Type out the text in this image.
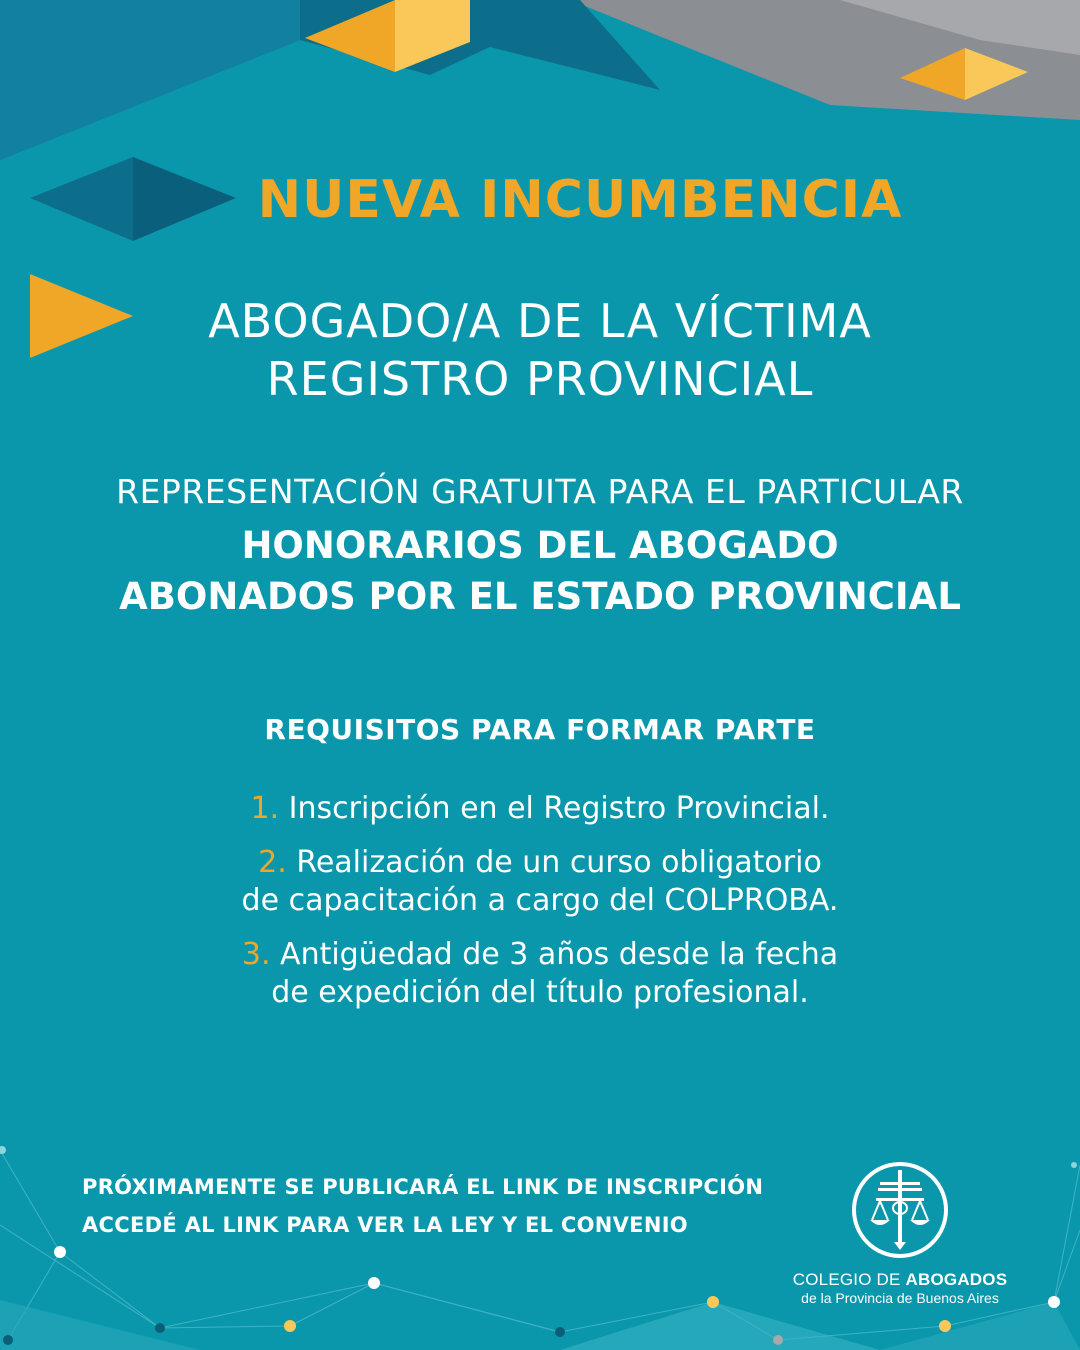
NUEVA INCUMBENCIA
ABOGADO/A DE LA VÍCTIMA
REGISTRO PROVINCIAL
REPRESENTACIÓN GRATUITA PARA EL PARTICULAR
HONORARIOS DEL ABOGADO
ABONADOS POR EL ESTADO PROVINCIAL
REQUISITOS PARA FORMAR PARTE
1. Inscripción en el Registro Provincial.
2. Realización de un curso obligatorio
de capacitación a cargo del COLPROBA.
3. Antigüedad de 3 años desde la fecha
de expedición del título profesional.
PRÓXIMAMENTE SE PUBLICARÁ EL LINK DE INSCRIPCIÓN
ACCEDÉ AL LINK PARA VER LA LEY Y EL CONVENIO
COLEGIO DE ABOGADOS
de la Provincia de Buenos Aires
